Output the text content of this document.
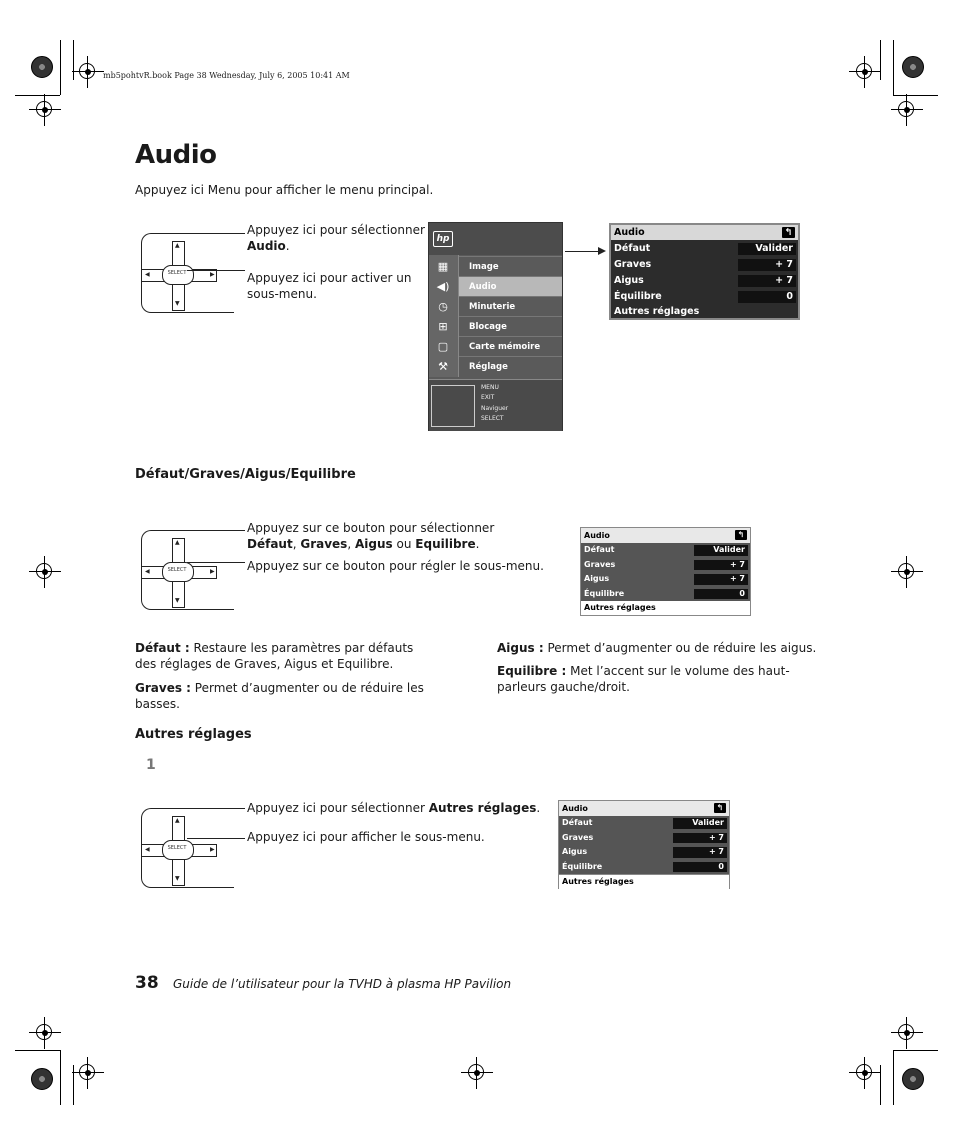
mb5pohtvR.book Page 38 Wednesday, July 6, 2005 10:41 AM
Audio
Appuyez ici Menu pour afficher le menu principal.
SELECT
▲
▼
◀	▶
Appuyez ici pour sélectionner Audio.
Appuyez ici pour activer un sous-menu.
hp
▦
◀)
◷
⊞
▢
⚒
Image
Audio
Minuterie
Blocage
Carte mémoire
Réglage
MENU
EXIT
Naviguer
SELECT
Audio	↰
Défaut	Valider
Graves	+ 7
Aigus	+ 7
Équilibre	0
Autres réglages
Défaut/Graves/Aigus/Equilibre
SELECT
▲
▼
◀	▶
Appuyez sur ce bouton pour sélectionner Défaut, Graves, Aigus ou Equilibre.
Appuyez sur ce bouton pour régler le sous-menu.
Audio	↰
Défaut	Valider
Graves	+ 7
Aigus	+ 7
Équilibre	0
Autres réglages
Défaut : Restaure les paramètres par défauts des réglages de Graves, Aigus et Equilibre.
Graves : Permet d’augmenter ou de réduire les basses.
Aigus : Permet d’augmenter ou de réduire les aigus.
Equilibre : Met l’accent sur le volume des haut-parleurs gauche/droit.
Autres réglages
1
SELECT
▲
▼
◀	▶
Appuyez ici pour sélectionner Autres réglages.
Appuyez ici pour afficher le sous-menu.
Audio	↰
Défaut	Valider
Graves	+ 7
Aigus	+ 7
Équilibre	0
Autres réglages
38 Guide de l’utilisateur pour la TVHD à plasma HP Pavilion
